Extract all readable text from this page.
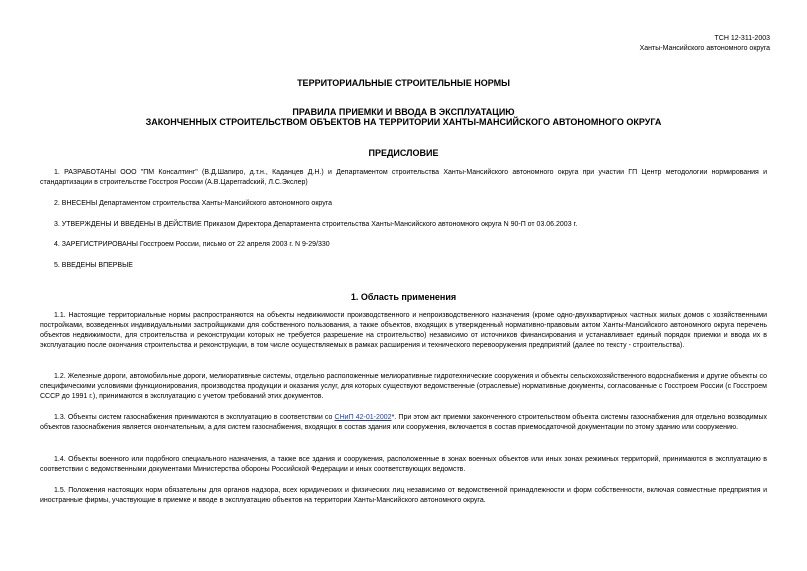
ТСН 12-311-2003
Ханты-Мансийского автономного округа
ТЕРРИТОРИАЛЬНЫЕ СТРОИТЕЛЬНЫЕ НОРМЫ
ПРАВИЛА ПРИЕМКИ И ВВОДА В ЭКСПЛУАТАЦИЮ
ЗАКОНЧЕННЫХ СТРОИТЕЛЬСТВОМ ОБЪЕКТОВ НА ТЕРРИТОРИИ ХАНТЫ-МАНСИЙСКОГО АВТОНОМНОГО ОКРУГА
ПРЕДИСЛОВИЕ
1. РАЗРАБОТАНЫ ООО "ПМ Консалтинг" (В.Д.Шапиро, д.т.н., Каданцев Д.Н.) и Департаментом строительства Ханты-Мансийского автономного округа при участии ГП Центр методологии нормирования и стандартизации в строительстве Госстроя России (А.В.Царегradский, Л.С.Экслер)
2. ВНЕСЕНЫ Департаментом строительства Ханты-Мансийского автономного округа
3. УТВЕРЖДЕНЫ И ВВЕДЕНЫ В ДЕЙСТВИЕ Приказом Директора Департамента строительства Ханты-Мансийского автономного округа N 90-П от 03.06.2003 г.
4. ЗАРЕГИСТРИРОВАНЫ Госстроем России, письмо от 22 апреля 2003 г. N 9-29/330
5. ВВЕДЕНЫ ВПЕРВЫЕ
1. Область применения
1.1. Настоящие территориальные нормы распространяются на объекты недвижимости производственного и непроизводственного назначения (кроме одно-двухквартирных частных жилых домов с хозяйственными постройками, возведенных индивидуальными застройщиками для собственного пользования, а также объектов, входящих в утвержденный нормативно-правовым актом Ханты-Мансийского автономного округа перечень объектов недвижимости, для строительства и реконструкции которых не требуется разрешение на строительство) независимо от источников финансирования и устанавливает единый порядок приемки и ввода их в эксплуатацию после окончания строительства и реконструкции, в том числе осуществляемых в рамках расширения и технического перевооружения предприятий (далее по тексту - строительства).
1.2. Железные дороги, автомобильные дороги, мелиоративные системы, отдельно расположенные мелиоративные гидротехнические сооружения и объекты сельскохозяйственного водоснабжения и другие объекты со специфическими условиями функционирования, производства продукции и оказания услуг, для которых существуют ведомственные (отраслевые) нормативные документы, согласованные с Госстроем России (с Госстроем СССР до 1991 г.), принимаются в эксплуатацию с учетом требований этих документов.
1.3. Объекты систем газоснабжения принимаются в эксплуатацию в соответствии со СНиП 42-01-2002*. При этом акт приемки законченного строительством объекта системы газоснабжения для отдельно возводимых объектов газоснабжения является окончательным, а для систем газоснабжения, входящих в состав здания или сооружения, включается в состав приемосдаточной документации по этому зданию или сооружению.
1.4. Объекты военного или подобного специального назначения, а также все здания и сооружения, расположенные в зонах военных объектов или иных зонах режимных территорий, принимаются в эксплуатацию в соответствии с ведомственными документами Министерства обороны Российской Федерации и иных соответствующих ведомств.
1.5. Положения настоящих норм обязательны для органов надзора, всех юридических и физических лиц независимо от ведомственной принадлежности и форм собственности, включая совместные предприятия и иностранные фирмы, участвующие в приемке и вводе в эксплуатацию объектов на территории Ханты-Мансийского автономного округа.
